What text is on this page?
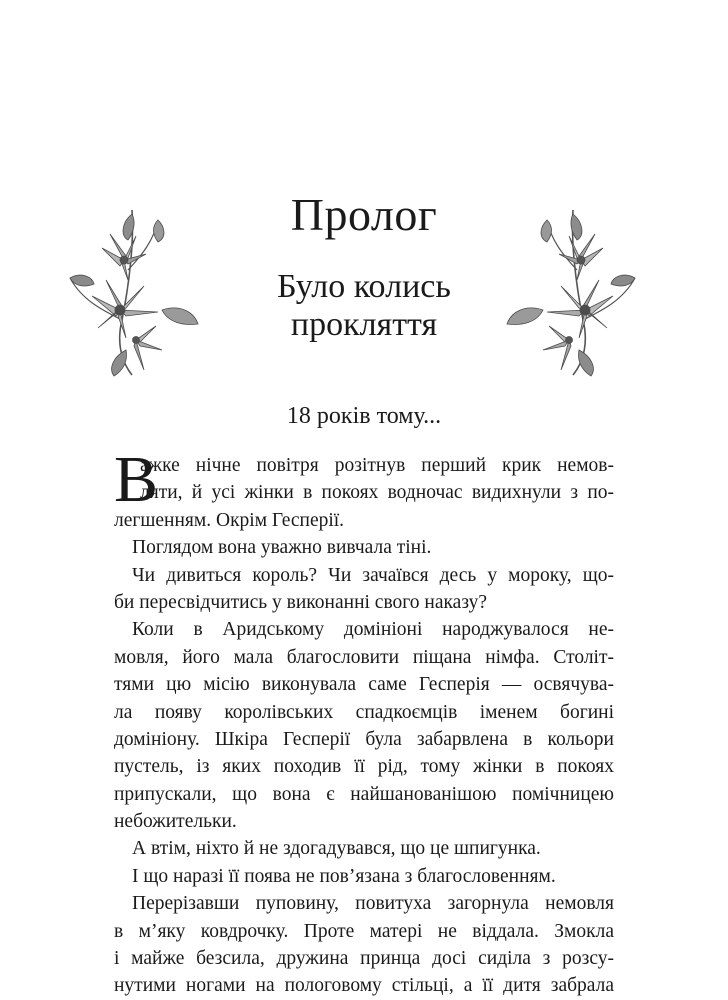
Пролог
Було колись
прокляття
18 років тому...
В
ажке нічне повітря розітнув перший крик немов-
ляти, й усі жінки в покоях водночас видихнули з по-
легшенням. Окрім Гесперії.
Поглядом вона уважно вивчала тіні.
Чи дивиться король? Чи зачаївся десь у мороку, що-
би пересвідчитись у виконанні свого наказу?
Коли в Аридському домініоні народжувалося не-
мовля, його мала благословити піщана німфа. Століт-
тями цю місію виконувала саме Гесперія — освячува-
ла появу королівських спадкоємців іменем богині
домініону. Шкіра Гесперії була забарвлена в кольори
пустель, із яких походив її рід, тому жінки в покоях
припускали, що вона є найшанованішою помічницею
небожительки.
А втім, ніхто й не здогадувався, що це шпигунка.
І що наразі її поява не пов’язана з благословенням.
Перерізавши пуповину, повитуха загорнула немовля
в м’яку ковдрочку. Проте матері не віддала. Змокла
і майже безсила, дружина принца досі сиділа з розсу-
нутими ногами на пологовому стільці, а її дитя забрала
